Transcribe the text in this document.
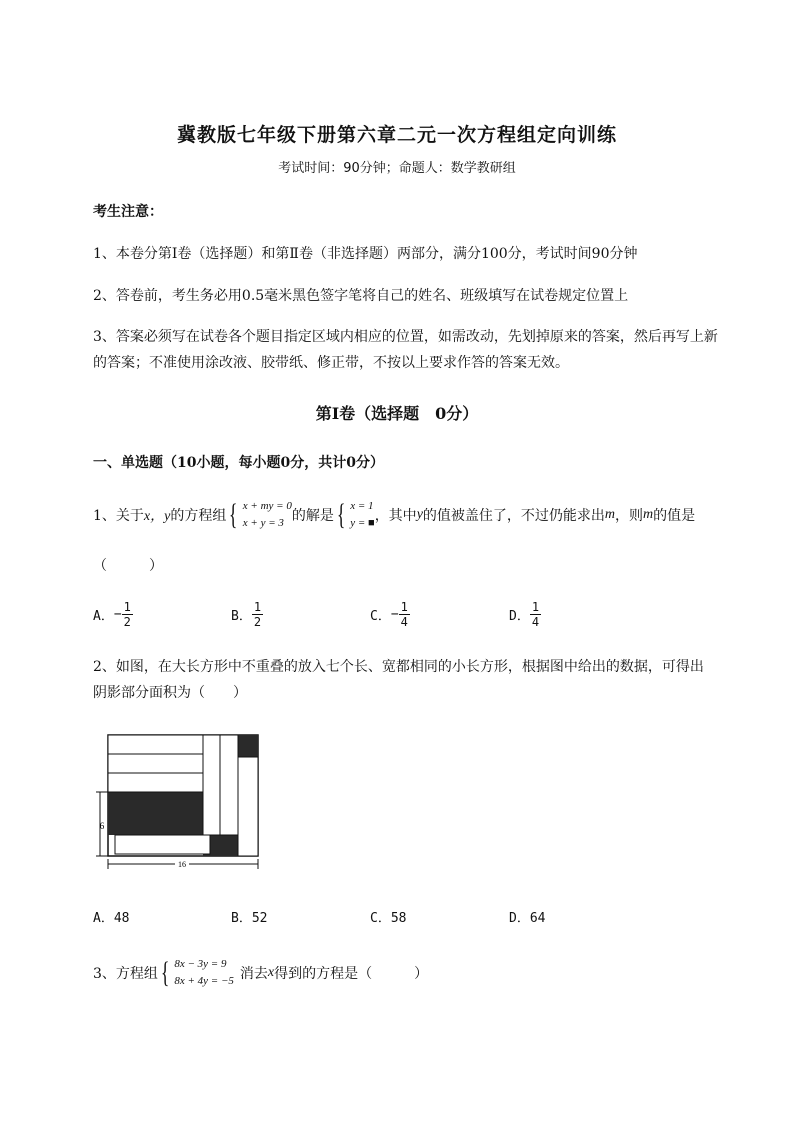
冀教版七年级下册第六章二元一次方程组定向训练
考试时间：90分钟；命题人：数学教研组
考生注意：
1、本卷分第Ⅰ卷（选择题）和第Ⅱ卷（非选择题）两部分，满分100分，考试时间90分钟
2、答卷前，考生务必用0.5毫米黑色签字笔将自己的姓名、班级填写在试卷规定位置上
3、答案必须写在试卷各个题目指定区域内相应的位置，如需改动，先划掉原来的答案，然后再写上新
的答案；不准使用涂改液、胶带纸、修正带，不按以上要求作答的答案无效。
第Ⅰ卷（选择题　0分）
一、单选题（10小题，每小题0分，共计0分）
1、关于 x，y 的方程组 { x + my = 0
x + y = 3 的解是 { x = 1
y = ■ ，其中 y 的值被盖住了，不过仍能求出 m ，则 m 的值是
（　　　）
A． − $\frac{1}{2}$	B． $\frac{1}{2}$	C． − $\frac{1}{4}$	D． $\frac{1}{4}$
2、如图，在大长方形中不重叠的放入七个长、宽都相同的小长方形，根据图中给出的数据，可得出
阴影部分面积为（　　）
6
16
A．48	B．52	C．58	D．64
3、方程组 { 8x − 3y = 9
8x + 4y = −5 消去 x 得到的方程是（　　　）
